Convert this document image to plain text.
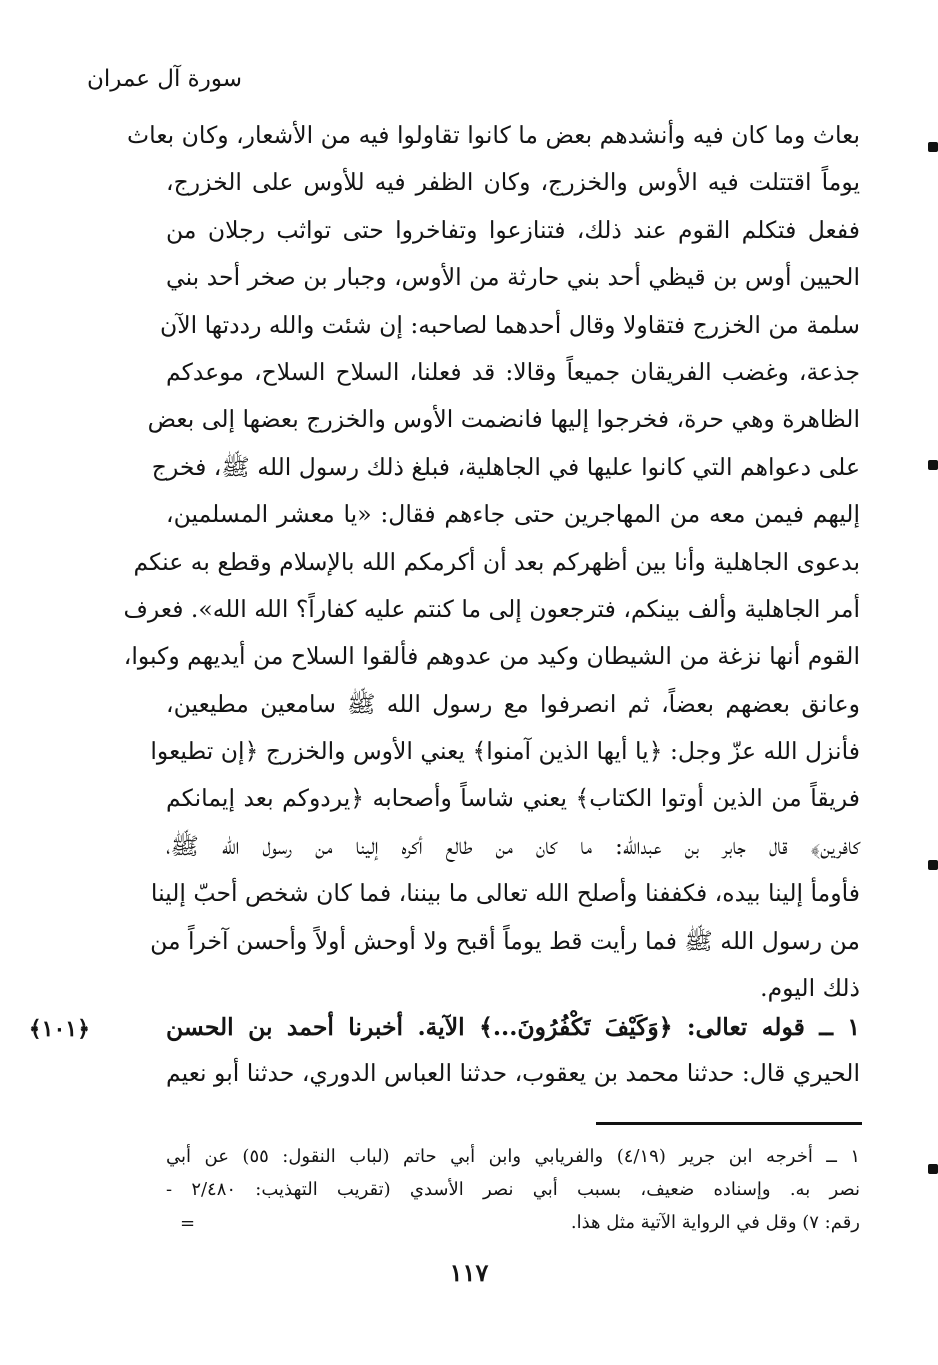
سورة آل عمران
بعاث وما كان فيه وأنشدهم بعض ما كانوا تقاولوا فيه من الأشعار، وكان بعاث
يوماً اقتتلت فيه الأوس والخزرج، وكان الظفر فيه للأوس على الخزرج،
ففعل فتكلم القوم عند ذلك، فتنازعوا وتفاخروا حتى تواثب رجلان من
الحيين أوس بن قيظي أحد بني حارثة من الأوس، وجبار بن صخر أحد بني
سلمة من الخزرج فتقاولا وقال أحدهما لصاحبه: إن شئت والله رددتها الآن
جذعة، وغضب الفريقان جميعاً وقالا: قد فعلنا، السلاح السلاح، موعدكم
الظاهرة وهي حرة، فخرجوا إليها فانضمت الأوس والخزرج بعضها إلى بعض
على دعواهم التي كانوا عليها في الجاهلية، فبلغ ذلك رسول الله ﷺ، فخرج
إليهم فيمن معه من المهاجرين حتى جاءهم فقال: «يا معشر المسلمين،
بدعوى الجاهلية وأنا بين أظهركم بعد أن أكرمكم الله بالإسلام وقطع به عنكم
أمر الجاهلية وألف بينكم، فترجعون إلى ما كنتم عليه كفاراً؟ الله الله». فعرف
القوم أنها نزغة من الشيطان وكيد من عدوهم فألقوا السلاح من أيديهم وكبوا،
وعانق بعضهم بعضاً، ثم انصرفوا مع رسول الله ﷺ سامعين مطيعين،
فأنزل الله عزّ وجل: ﴿يا أيها الذين آمنوا﴾ يعني الأوس والخزرج ﴿إن تطيعوا
فريقاً من الذين أوتوا الكتاب﴾ يعني شاساً وأصحابه ﴿يردوكم بعد إيمانكم
كافرين﴾ قال جابر بن عبدالله: ما كان من طالع أكره إلينا من رسول الله ﷺ،
فأومأ إلينا بيده، فكففنا وأصلح الله تعالى ما بيننا، فما كان شخص أحبّ إلينا
من رسول الله ﷺ فما رأيت قط يوماً أقبح ولا أوحش أولاً وأحسن آخراً من
ذلك اليوم.
١ ــ قوله تعالى: ﴿وَكَيْفَ تَكْفُرُونَ...﴾ الآية. أخبرنا أحمد بن الحسن
الحيري قال: حدثنا محمد بن يعقوب، حدثنا العباس الدوري، حدثنا أبو نعيم
﴿١٠١﴾
١ ــ أخرجه ابن جرير (٤/١٩) والفريابي وابن أبي حاتم (لباب النقول: ٥٥) عن أبي
نصر به. وإسناده ضعيف، بسبب أبي نصر الأسدي (تقريب التهذيب: ٢/٤٨٠ -
رقم: ٧) وقل في الرواية الآتية مثل هذا.
=
١١٧
